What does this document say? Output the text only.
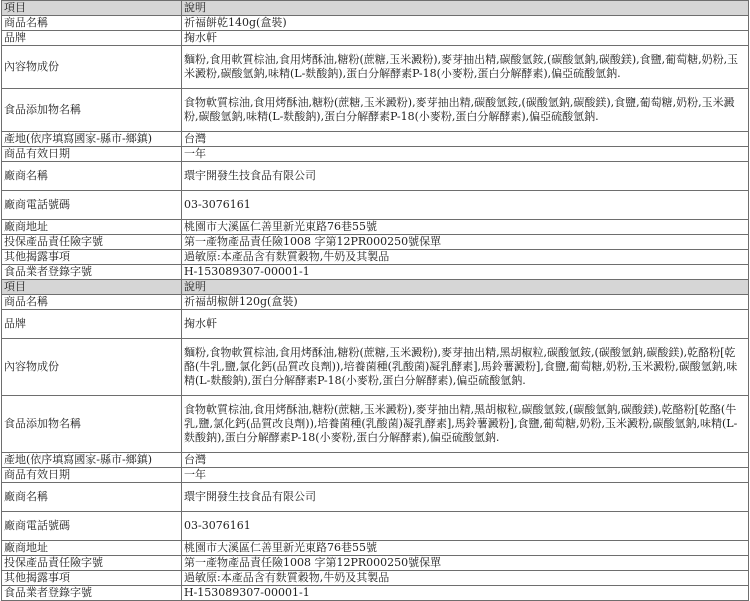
項目	說明
商品名稱	祈福餅乾140g(盒裝)
品牌	掬水軒
內容物成份	麵粉,食用軟質棕油,食用烤酥油,糖粉(蔗糖,玉米澱粉),麥芽抽出精,碳酸氫銨,(碳酸氫鈉,碳酸鎂),食鹽,葡萄糖,奶粉,玉米澱粉,碳酸氫鈉,味精(L-麩酸鈉),蛋白分解酵素P-18(小麥粉,蛋白分解酵素),偏亞硫酸氫鈉.
食品添加物名稱	食物軟質棕油,食用烤酥油,糖粉(蔗糖,玉米澱粉),麥芽抽出精,碳酸氫銨,(碳酸氫鈉,碳酸鎂),食鹽,葡萄糖,奶粉,玉米澱粉,碳酸氫鈉,味精(L-麩酸鈉),蛋白分解酵素P-18(小麥粉,蛋白分解酵素),偏亞硫酸氫鈉.
產地(依序填寫國家-縣市-鄉鎮)	台灣
商品有效日期	一年
廠商名稱	環宇開發生技食品有限公司
廠商電話號碼	03-3076161
廠商地址	桃園市大溪區仁善里新光東路76巷55號
投保產品責任險字號	第一產物產品責任險1008 字第12PR000250號保單
其他揭露事項	過敏原:本產品含有麩質穀物,牛奶及其製品
食品業者登錄字號	H-153089307-00001-1
項目	說明
商品名稱	祈福胡椒餅120g(盒裝)
品牌	掬水軒
內容物成份	麵粉,食物軟質棕油,食用烤酥油,糖粉(蔗糖,玉米澱粉),麥芽抽出精,黑胡椒粒,碳酸氫銨,(碳酸氫鈉,碳酸鎂),乾酪粉[乾酪(牛乳,鹽,氯化鈣(品質改良劑)),培養菌種(乳酸菌)凝乳酵素],馬鈴薯澱粉],食鹽,葡萄糖,奶粉,玉米澱粉,碳酸氫鈉,味精(L-麩酸鈉),蛋白分解酵素P-18(小麥粉,蛋白分解酵素),偏亞硫酸氫鈉.
食品添加物名稱	食物軟質棕油,食用烤酥油,糖粉(蔗糖,玉米澱粉),麥芽抽出精,黑胡椒粒,碳酸氫銨,(碳酸氫鈉,碳酸鎂),乾酪粉[乾酪(牛乳,鹽,氯化鈣(品質改良劑)),培養菌種(乳酸菌)凝乳酵素],馬鈴薯澱粉],食鹽,葡萄糖,奶粉,玉米澱粉,碳酸氫鈉,味精(L-麩酸鈉),蛋白分解酵素P-18(小麥粉,蛋白分解酵素),偏亞硫酸氫鈉.
產地(依序填寫國家-縣市-鄉鎮)	台灣
商品有效日期	一年
廠商名稱	環宇開發生技食品有限公司
廠商電話號碼	03-3076161
廠商地址	桃園市大溪區仁善里新光東路76巷55號
投保產品責任險字號	第一產物產品責任險1008 字第12PR000250號保單
其他揭露事項	過敏原:本產品含有麩質穀物,牛奶及其製品
食品業者登錄字號	H-153089307-00001-1
